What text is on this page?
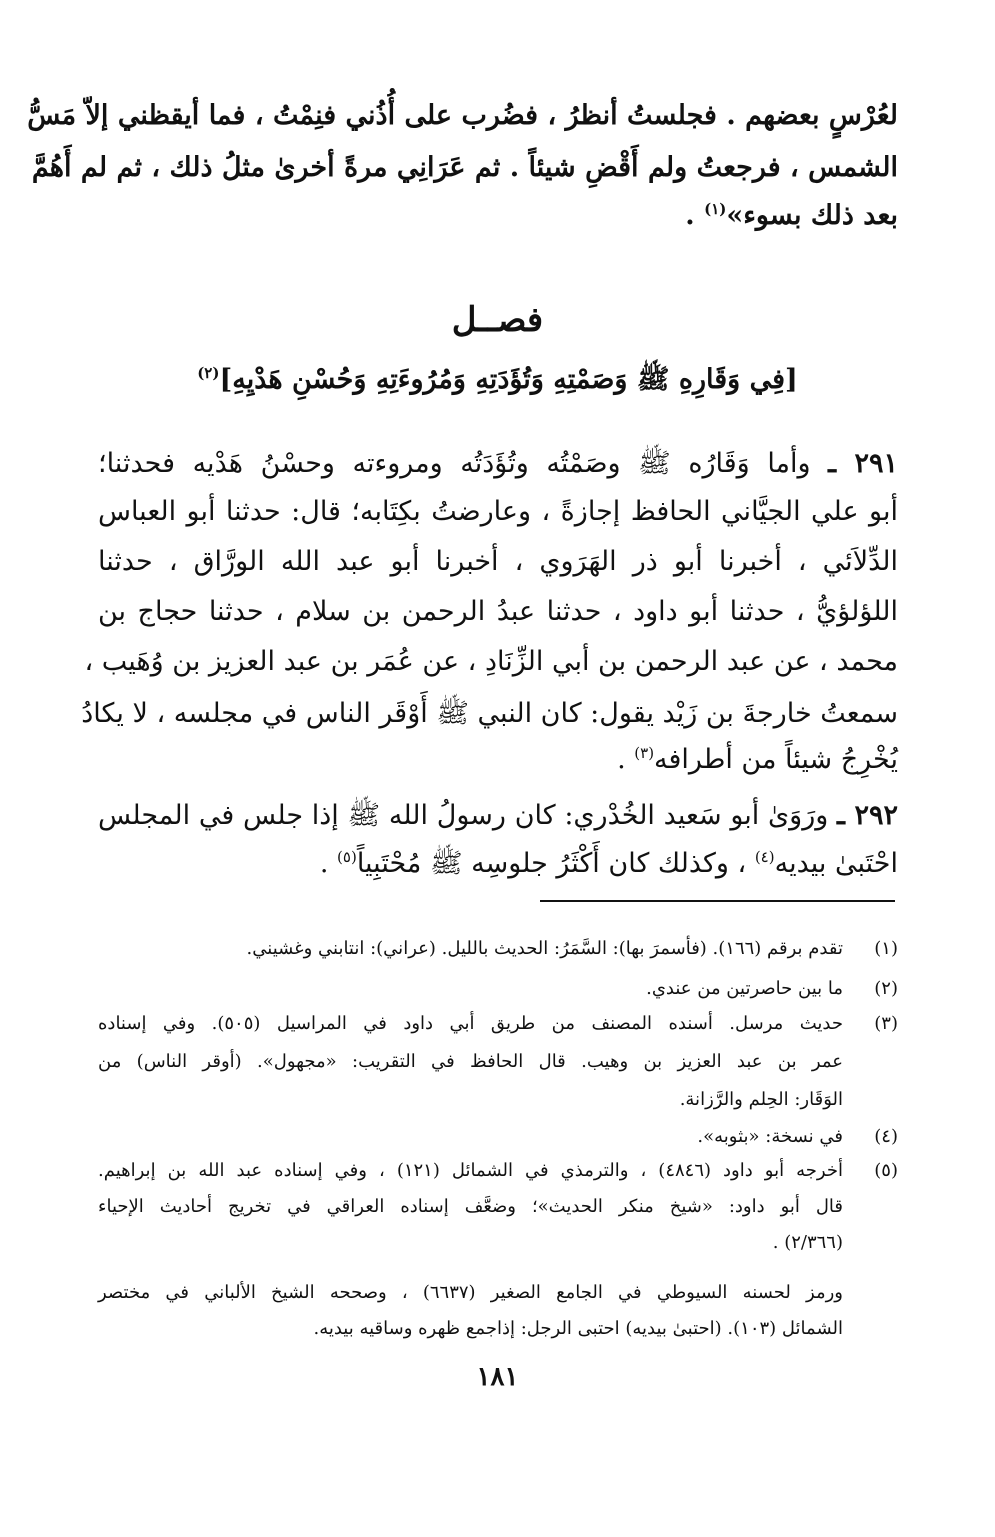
لعُرْسٍ بعضهم . فجلستُ أنظرُ ، فضُرب على أُذُني فنِمْتُ ، فما أيقظني إلاّ مَسُّ
الشمس ، فرجعتُ ولم أَقْضِ شيئاً . ثم عَرَانِي مرةً أخرىٰ مثلُ ذلك ، ثم لم أَهُمَّ
بعد ذلك بسوء»$^{(١)}$ .
فصــل
[فِي وَقَارِهِ ﷺ وَصَمْتِهِ وَتُؤَدَتِهِ وَمُرُوءَتِهِ وَحُسْنِ هَدْيِهِ]$^{(٢)}$
٢٩١ ـ وأما وَقَارُه ﷺ وصَمْتُه وتُؤَدَتُه ومروءته وحسْنُ هَدْيه فحدثنا؛
أبو علي الجيَّاني الحافظ إجازةً ، وعارضتُ بكِتَابه؛ قال: حدثنا أبو العباس
الدِّلاَئي ، أخبرنا أبو ذر الهَرَوي ، أخبرنا أبو عبد الله الورَّاق ، حدثنا
اللؤلؤيُّ ، حدثنا أبو داود ، حدثنا عبدُ الرحمن بن سلام ، حدثنا حجاج بن
محمد ، عن عبد الرحمن بن أبي الزِّنَادِ ، عن عُمَر بن عبد العزيز بن وُهَيب ،
سمعتُ خارجةَ بن زَيْد يقول: كان النبي ﷺ أَوْقَر الناس في مجلسه ، لا يكادُ
يُخْرِجُ شيئاً من أطرافه$^{(٣)}$ .
٢٩٢ ـ ورَوَىٰ أبو سَعيد الخُدْري: كان رسولُ الله ﷺ إذا جلس في المجلس
احْتَبىٰ بيديه$^{(٤)}$ ، وكذلك كان أَكْثَرُ جلوسِه ﷺ مُحْتَبِياً$^{(٥)}$ .
(١)
تقدم برقم (١٦٦). (فأسمرَ بها): السَّمَرُ: الحديث بالليل. (عراني): انتابني وغشيني.
(٢)
ما بين حاصرتين من عندي.
(٣)
حديث مرسل. أسنده المصنف من طريق أبي داود في المراسيل (٥٠٥). وفي إسناده
عمر بن عبد العزيز بن وهيب. قال الحافظ في التقريب: «مجهول». (أوقر الناس) من
الوَقَار: الحِلم والرَّزانة.
(٤)
في نسخة: «بثوبه».
(٥)
أخرجه أبو داود (٤٨٤٦) ، والترمذي في الشمائل (١٢١) ، وفي إسناده عبد الله بن إبراهيم.
قال أبو داود: «شيخ منكر الحديث»؛ وضعَّف إسناده العراقي في تخريج أحاديث الإحياء
(٢/٣٦٦) .
ورمز لحسنه السيوطي في الجامع الصغير (٦٦٣٧) ، وصححه الشيخ الألباني في مختصر
الشمائل (١٠٣). (احتبىٰ بيديه) احتبى الرجل: إذاجمع ظهره وساقيه بيديه.
١٨١
